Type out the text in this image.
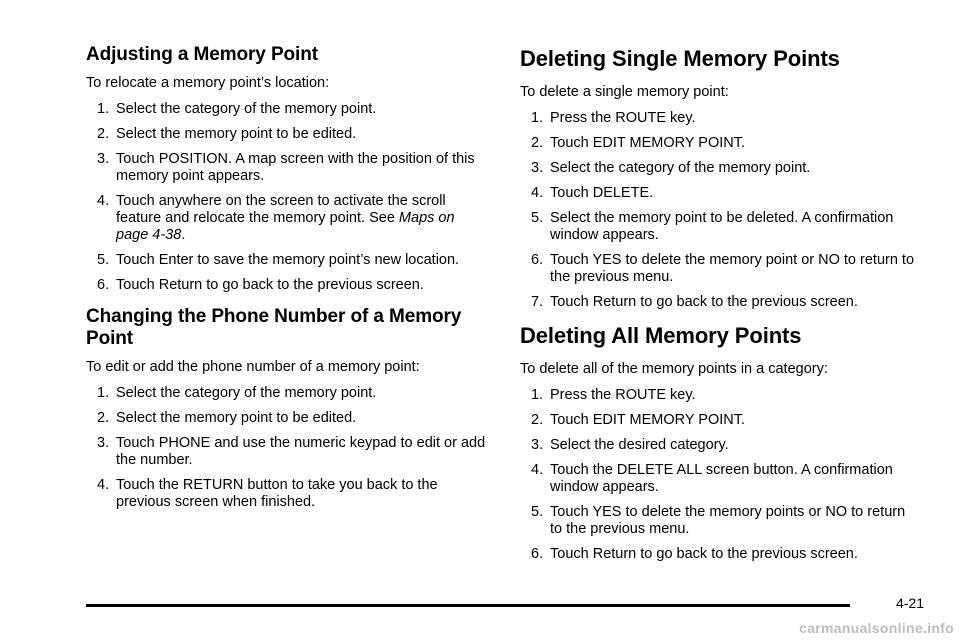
Adjusting a Memory Point

To relocate a memory point’s location:

1. Select the category of the memory point.
2. Select the memory point to be edited.
3. Touch POSITION. A map screen with the position of this memory point appears.
4. Touch anywhere on the screen to activate the scroll feature and relocate the memory point. See Maps on page 4-38.
5. Touch Enter to save the memory point’s new location.
6. Touch Return to go back to the previous screen.
Changing the Phone Number of a Memory Point

To edit or add the phone number of a memory point:

1. Select the category of the memory point.
2. Select the memory point to be edited.
3. Touch PHONE and use the numeric keypad to edit or add the number.
4. Touch the RETURN button to take you back to the previous screen when finished.
Deleting Single Memory Points

To delete a single memory point:

1. Press the ROUTE key.
2. Touch EDIT MEMORY POINT.
3. Select the category of the memory point.
4. Touch DELETE.
5. Select the memory point to be deleted. A confirmation window appears.
6. Touch YES to delete the memory point or NO to return to the previous menu.
7. Touch Return to go back to the previous screen.
Deleting All Memory Points

To delete all of the memory points in a category:

1. Press the ROUTE key.
2. Touch EDIT MEMORY POINT.
3. Select the desired category.
4. Touch the DELETE ALL screen button. A confirmation window appears.
5. Touch YES to delete the memory points or NO to return to the previous menu.
6. Touch Return to go back to the previous screen.
4-21
carmanualsonline.info
